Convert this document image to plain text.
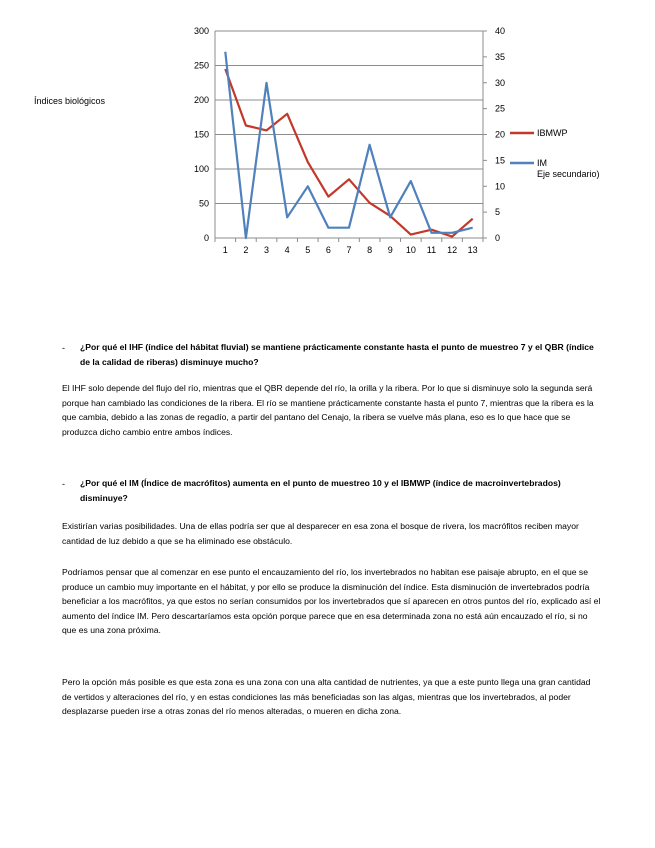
Índices biológicos
0
50
100
150
200
250
300
0
5
10
15
20
25
30
35
40
1 2 3 4 5 6 7 8 9 10 11 12 13
IBMWP
IM
Eje secundario)
- ¿Por qué el IHF (índice del hábitat fluvial) se mantiene prácticamente constante hasta el punto de muestreo 7 y el QBR (índice de la calidad de riberas) disminuye mucho?
El IHF solo depende del flujo del río, mientras que el QBR depende del río, la orilla y la ribera. Por lo que si disminuye solo la segunda será porque han cambiado las condiciones de la ribera. El río se mantiene prácticamente constante hasta el punto 7, mientras que la ribera es la que cambia, debido a las zonas de regadío, a partir del pantano del Cenajo, la ribera se vuelve más plana, eso es lo que hace que se produzca dicho cambio entre ambos índices.
- ¿Por qué el IM (Índice de macrófitos) aumenta en el punto de muestreo 10 y el IBMWP (índice de macroinvertebrados) disminuye?
Existirían varias posibilidades. Una de ellas podría ser que al desparecer en esa zona el bosque de rivera, los macrófitos reciben mayor cantidad de luz debido a que se ha eliminado ese obstáculo.
Podríamos pensar que al comenzar en ese punto el encauzamiento del río, los invertebrados no habitan ese paisaje abrupto, en el que se produce un cambio muy importante en el hábitat, y por ello se produce la disminución del índice. Esta disminución de invertebrados podría beneficiar a los macrófitos, ya que estos no serían consumidos por los invertebrados que sí aparecen en otros puntos del río, explicado así el aumento del índice IM. Pero descartaríamos esta opción porque parece que en esa determinada zona no está aún encauzado el río, si no que es una zona próxima.
Pero la opción más posible es que esta zona es una zona con una alta cantidad de nutrientes, ya que a este punto llega una gran cantidad de vertidos y alteraciones del río, y en estas condiciones las más beneficiadas son las algas, mientras que los invertebrados, al poder desplazarse pueden irse a otras zonas del río menos alteradas, o mueren en dicha zona.
